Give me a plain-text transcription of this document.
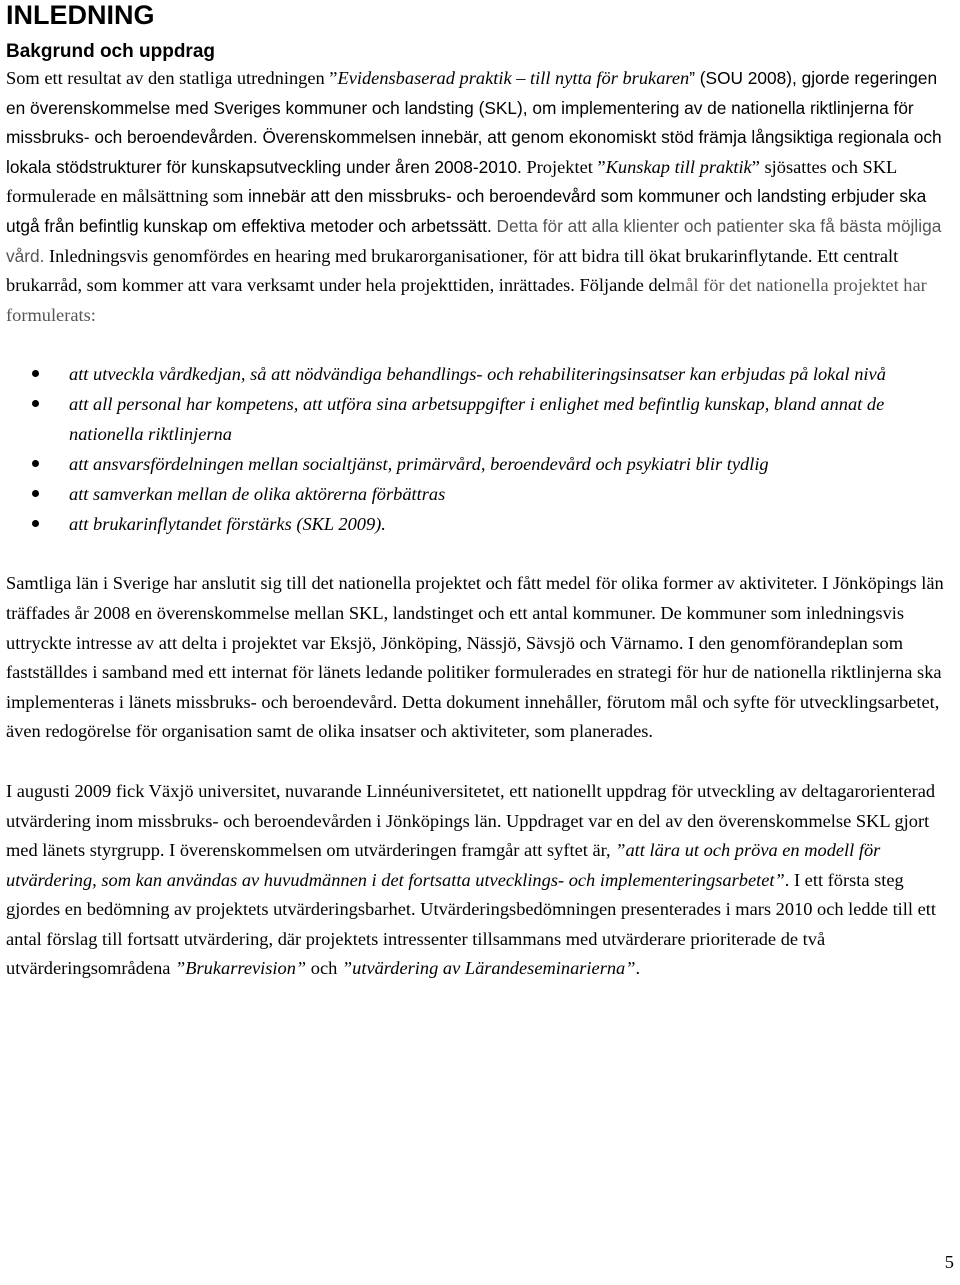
INLEDNING
Bakgrund och uppdrag

Som ett resultat av den statliga utredningen ”Evidensbaserad praktik – till nytta för brukaren” (SOU 2008), gjorde regeringen en överenskommelse med Sveriges kommuner och landsting (SKL), om implementering av de nationella riktlinjerna för missbruks- och beroendevården. Överenskommelsen innebär, att genom ekonomiskt stöd främja långsiktiga regionala och lokala stödstrukturer för kunskapsutveckling under åren 2008-2010. Projektet ”Kunskap till praktik” sjösattes och SKL formulerade en målsättning som innebär att den missbruks- och beroendevård som kommuner och landsting erbjuder ska utgå från befintlig kunskap om effektiva metoder och arbetssätt. Detta för att alla klienter och patienter ska få bästa möjliga vård. Inledningsvis genomfördes en hearing med brukarorganisationer, för att bidra till ökat brukarinflytande. Ett centralt brukarråd, som kommer att vara verksamt under hela projekttiden, inrättades. Följande delmål för det nationella projektet har formulerats:

att utveckla vårdkedjan, så att nödvändiga behandlings- och rehabiliteringsinsatser kan erbjudas på lokal nivå
att all personal har kompetens, att utföra sina arbetsuppgifter i enlighet med befintlig kunskap, bland annat de nationella riktlinjerna
att ansvarsfördelningen mellan socialtjänst, primärvård, beroendevård och psykiatri blir tydlig
att samverkan mellan de olika aktörerna förbättras
att brukarinflytandet förstärks (SKL 2009).

Samtliga län i Sverige har anslutit sig till det nationella projektet och fått medel för olika former av aktiviteter. I Jönköpings län träffades år 2008 en överenskommelse mellan SKL, landstinget och ett antal kommuner. De kommuner som inledningsvis uttryckte intresse av att delta i projektet var Eksjö, Jönköping, Nässjö, Sävsjö och Värnamo. I den genomförandeplan som fastställdes i samband med ett internat för länets ledande politiker formulerades en strategi för hur de nationella riktlinjerna ska implementeras i länets missbruks- och beroendevård. Detta dokument innehåller, förutom mål och syfte för utvecklingsarbetet, även redogörelse för organisation samt de olika insatser och aktiviteter, som planerades.

I augusti 2009 fick Växjö universitet, nuvarande Linnéuniversitetet, ett nationellt uppdrag för utveckling av deltagarorienterad utvärdering inom missbruks- och beroendevården i Jönköpings län. Uppdraget var en del av den överenskommelse SKL gjort med länets styrgrupp. I överenskommelsen om utvärderingen framgår att syftet är, ”att lära ut och pröva en modell för utvärdering, som kan användas av huvudmännen i det fortsatta utvecklings- och implementeringsarbetet”. I ett första steg gjordes en bedömning av projektets utvärderingsbarhet. Utvärderingsbedömningen presenterades i mars 2010 och ledde till ett antal förslag till fortsatt utvärdering, där projektets intressenter tillsammans med utvärderare prioriterade de två utvärderingsområdena ”Brukarrevision” och ”utvärdering av Lärandeseminarierna”.

5
